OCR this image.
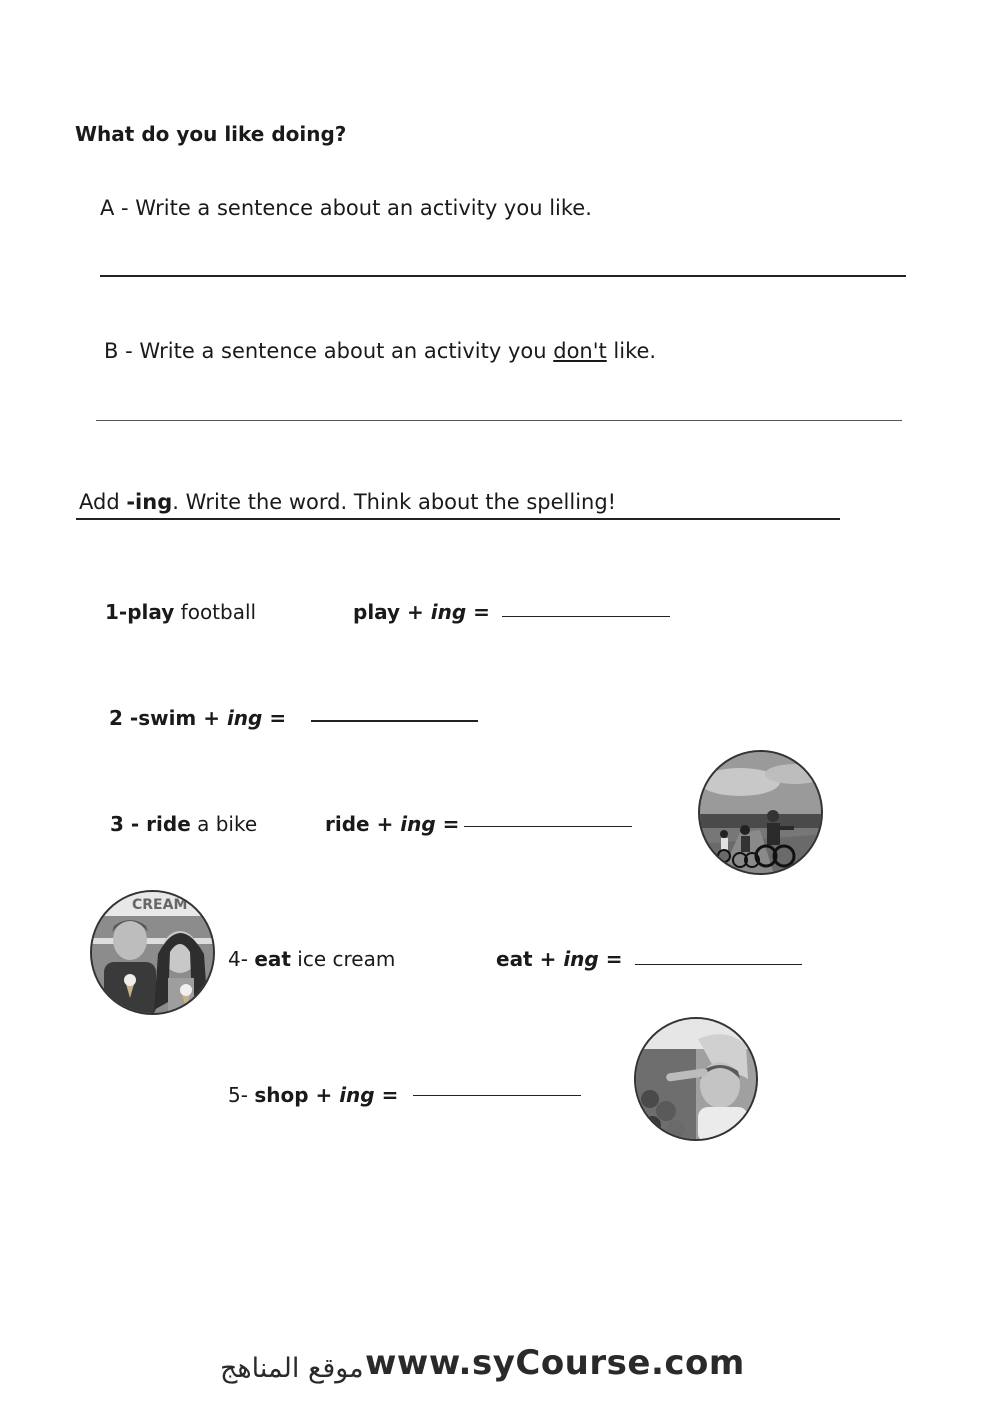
What do you like doing?
A - Write a sentence about an activity you like.
B - Write a sentence about an activity you don't like.
Add -ing. Write the word. Think about the spelling!
1-play football	play + ing =
2 -swim + ing =
3 - ride a bike	ride + ing =
CREAM
4- eat ice cream	eat + ing =
5- shop + ing =
www.syCourse.com
موقع المناهج
